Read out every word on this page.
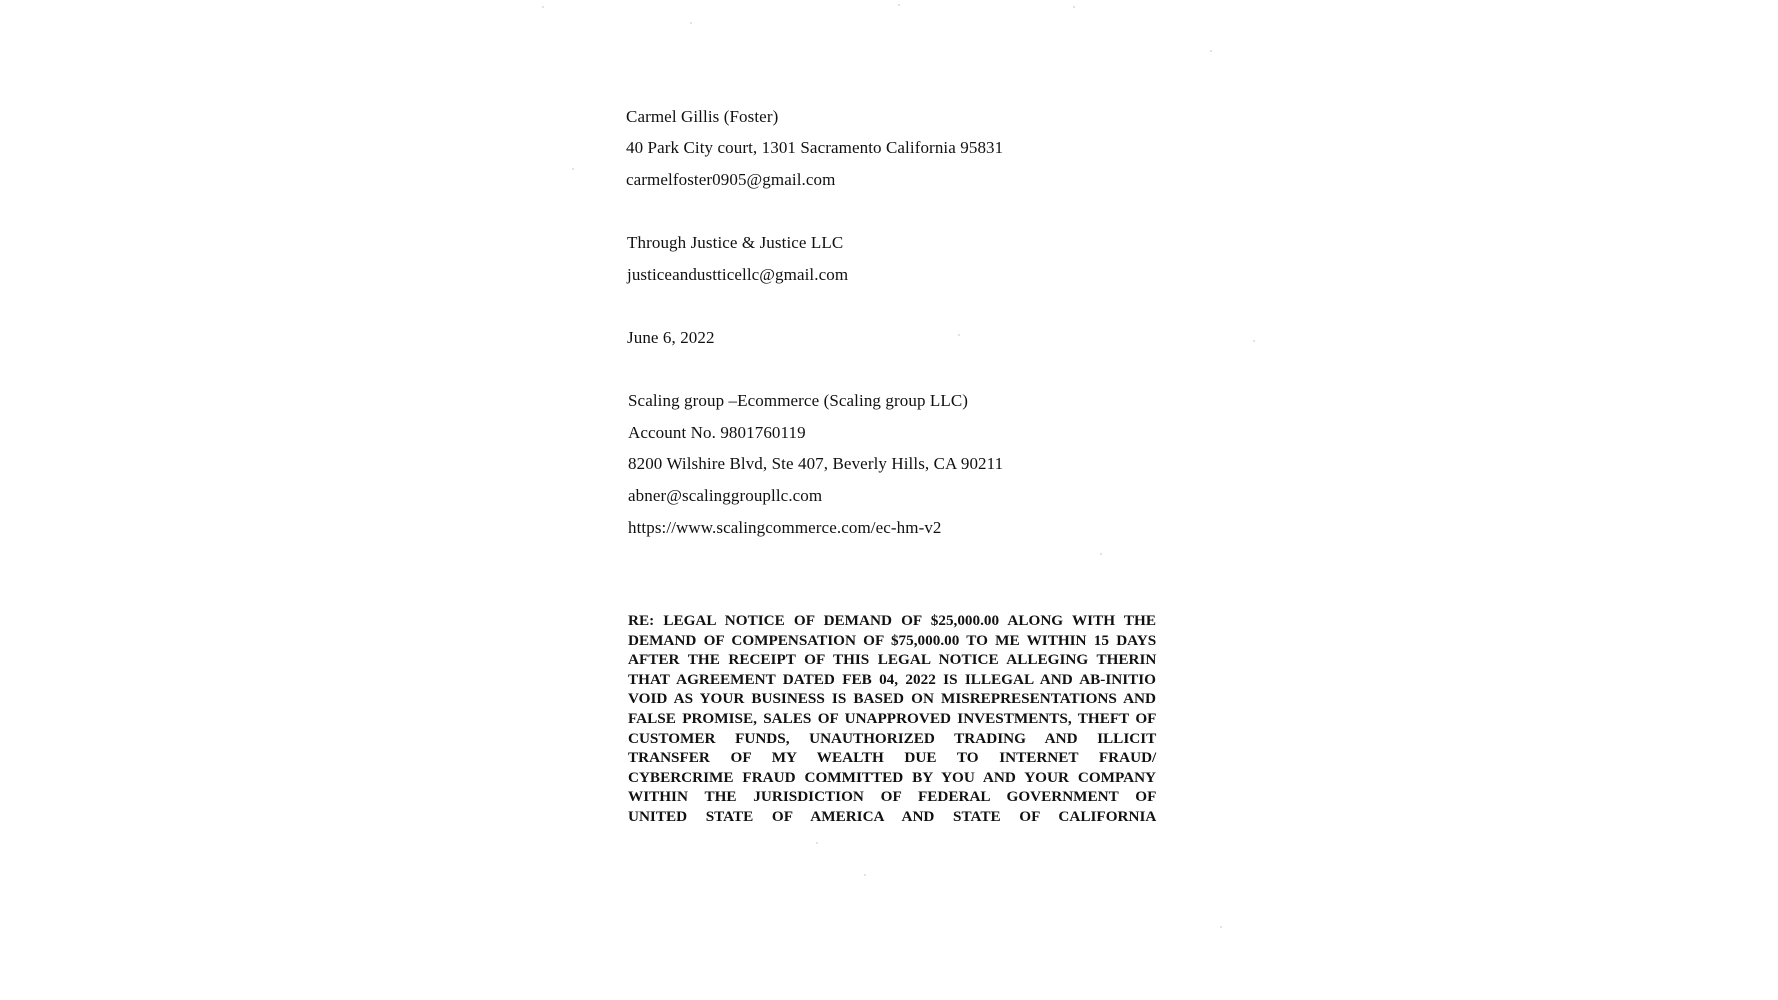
Carmel Gillis (Foster)
40 Park City court, 1301 Sacramento California 95831
carmelfoster0905@gmail.com
Through Justice & Justice LLC
justiceandustticellc@gmail.com
June 6, 2022
Scaling group –Ecommerce (Scaling group LLC)
Account No. 9801760119
8200 Wilshire Blvd, Ste 407, Beverly Hills, CA 90211
abner@scalinggroupllc.com
https://www.scalingcommerce.com/ec-hm-v2
RE: LEGAL NOTICE OF DEMAND OF $25,000.00 ALONG WITH THE
DEMAND OF COMPENSATION OF $75,000.00 TO ME WITHIN 15 DAYS
AFTER THE RECEIPT OF THIS LEGAL NOTICE ALLEGING THERIN
THAT AGREEMENT DATED FEB 04, 2022 IS ILLEGAL AND AB-INITIO
VOID AS YOUR BUSINESS IS BASED ON MISREPRESENTATIONS AND
FALSE PROMISE, SALES OF UNAPPROVED INVESTMENTS, THEFT OF
CUSTOMER FUNDS, UNAUTHORIZED TRADING AND ILLICIT
TRANSFER OF MY WEALTH DUE TO INTERNET FRAUD/
CYBERCRIME FRAUD COMMITTED BY YOU AND YOUR COMPANY
WITHIN THE JURISDICTION OF FEDERAL GOVERNMENT OF
UNITED STATE OF AMERICA AND STATE OF CALIFORNIA
